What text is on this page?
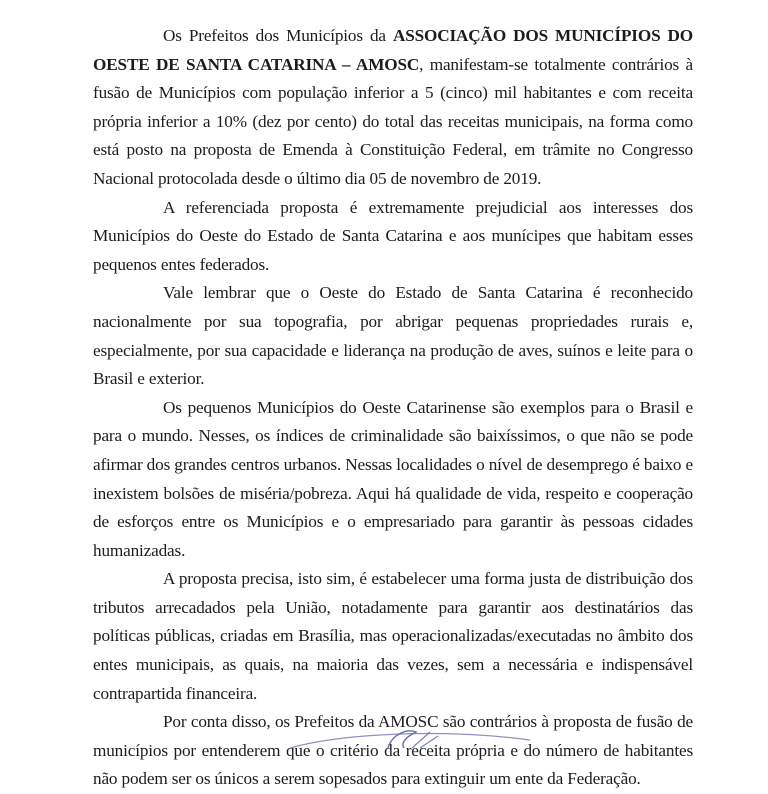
Os Prefeitos dos Municípios da ASSOCIAÇÃO DOS MUNICÍPIOS DO OESTE DE SANTA CATARINA – AMOSC, manifestam-se totalmente contrários à fusão de Municípios com população inferior a 5 (cinco) mil habitantes e com receita própria inferior a 10% (dez por cento) do total das receitas municipais, na forma como está posto na proposta de Emenda à Constituição Federal, em trâmite no Congresso Nacional protocolada desde o último dia 05 de novembro de 2019.

A referenciada proposta é extremamente prejudicial aos interesses dos Municípios do Oeste do Estado de Santa Catarina e aos munícipes que habitam esses pequenos entes federados.

Vale lembrar que o Oeste do Estado de Santa Catarina é reconhecido nacionalmente por sua topografia, por abrigar pequenas propriedades rurais e, especialmente, por sua capacidade e liderança na produção de aves, suínos e leite para o Brasil e exterior.

Os pequenos Municípios do Oeste Catarinense são exemplos para o Brasil e para o mundo. Nesses, os índices de criminalidade são baixíssimos, o que não se pode afirmar dos grandes centros urbanos. Nessas localidades o nível de desemprego é baixo e inexistem bolsões de miséria/pobreza. Aqui há qualidade de vida, respeito e cooperação de esforços entre os Municípios e o empresariado para garantir às pessoas cidades humanizadas.

A proposta precisa, isto sim, é estabelecer uma forma justa de distribuição dos tributos arrecadados pela União, notadamente para garantir aos destinatários das políticas públicas, criadas em Brasília, mas operacionalizadas/executadas no âmbito dos entes municipais, as quais, na maioria das vezes, sem a necessária e indispensável contrapartida financeira.

Por conta disso, os Prefeitos da AMOSC são contrários à proposta de fusão de municípios por entenderem que o critério da receita própria e do número de habitantes não podem ser os únicos a serem sopesados para extinguir um ente da Federação.
